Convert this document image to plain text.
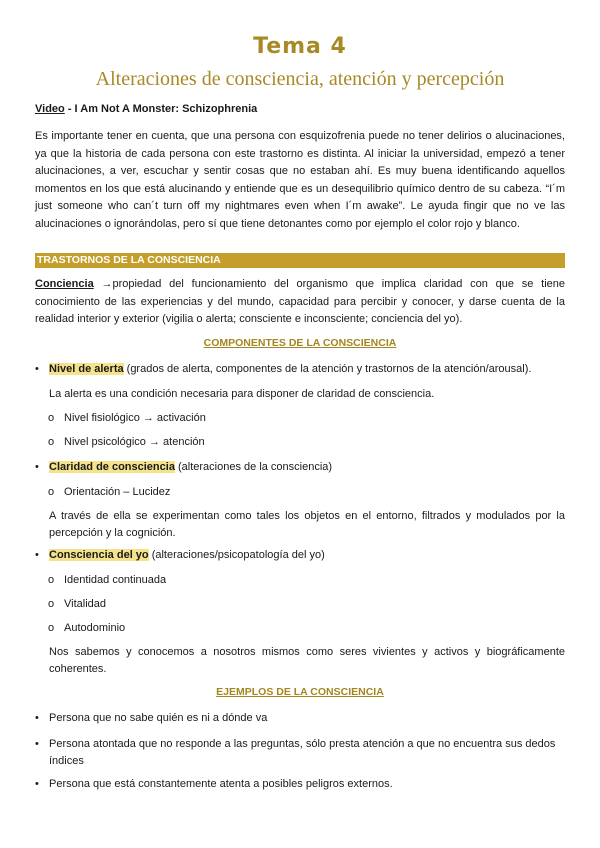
Tema 4
Alteraciones de consciencia, atención y percepción
Video - I Am Not A Monster: Schizophrenia
Es importante tener en cuenta, que una persona con esquizofrenia puede no tener delirios o alucinaciones, ya que la historia de cada persona con este trastorno es distinta. Al iniciar la universidad, empezó a tener alucinaciones, a ver, escuchar y sentir cosas que no estaban ahí. Es muy buena identificando aquellos momentos en los que está alucinando y entiende que es un desequilibrio químico dentro de su cabeza. “I´m just someone who can´t turn off my nightmares even when I´m awake”. Le ayuda fingir que no ve las alucinaciones o ignorándolas, pero sí que tiene detonantes como por ejemplo el color rojo y blanco.
TRASTORNOS DE LA CONSCIENCIA
Conciencia →propiedad del funcionamiento del organismo que implica claridad con que se tiene conocimiento de las experiencias y del mundo, capacidad para percibir y conocer, y darse cuenta de la realidad interior y exterior (vigilia o alerta; consciente e inconsciente; conciencia del yo).
COMPONENTES DE LA CONSCIENCIA
• Nivel de alerta (grados de alerta, componentes de la atención y trastornos de la atención/arousal).
La alerta es una condición necesaria para disponer de claridad de consciencia.
o Nivel fisiológico → activación
o Nivel psicológico → atención
• Claridad de consciencia (alteraciones de la consciencia)
o Orientación – Lucidez
A través de ella se experimentan como tales los objetos en el entorno, filtrados y modulados por la percepción y la cognición.
• Consciencia del yo (alteraciones/psicopatología del yo)
o Identidad continuada
o Vitalidad
o Autodominio
Nos sabemos y conocemos a nosotros mismos como seres vivientes y activos y biográficamente coherentes.
EJEMPLOS DE LA CONSCIENCIA
• Persona que no sabe quién es ni a dónde va
• Persona atontada que no responde a las preguntas, sólo presta atención a que no encuentra sus dedos índices
• Persona que está constantemente atenta a posibles peligros externos.
